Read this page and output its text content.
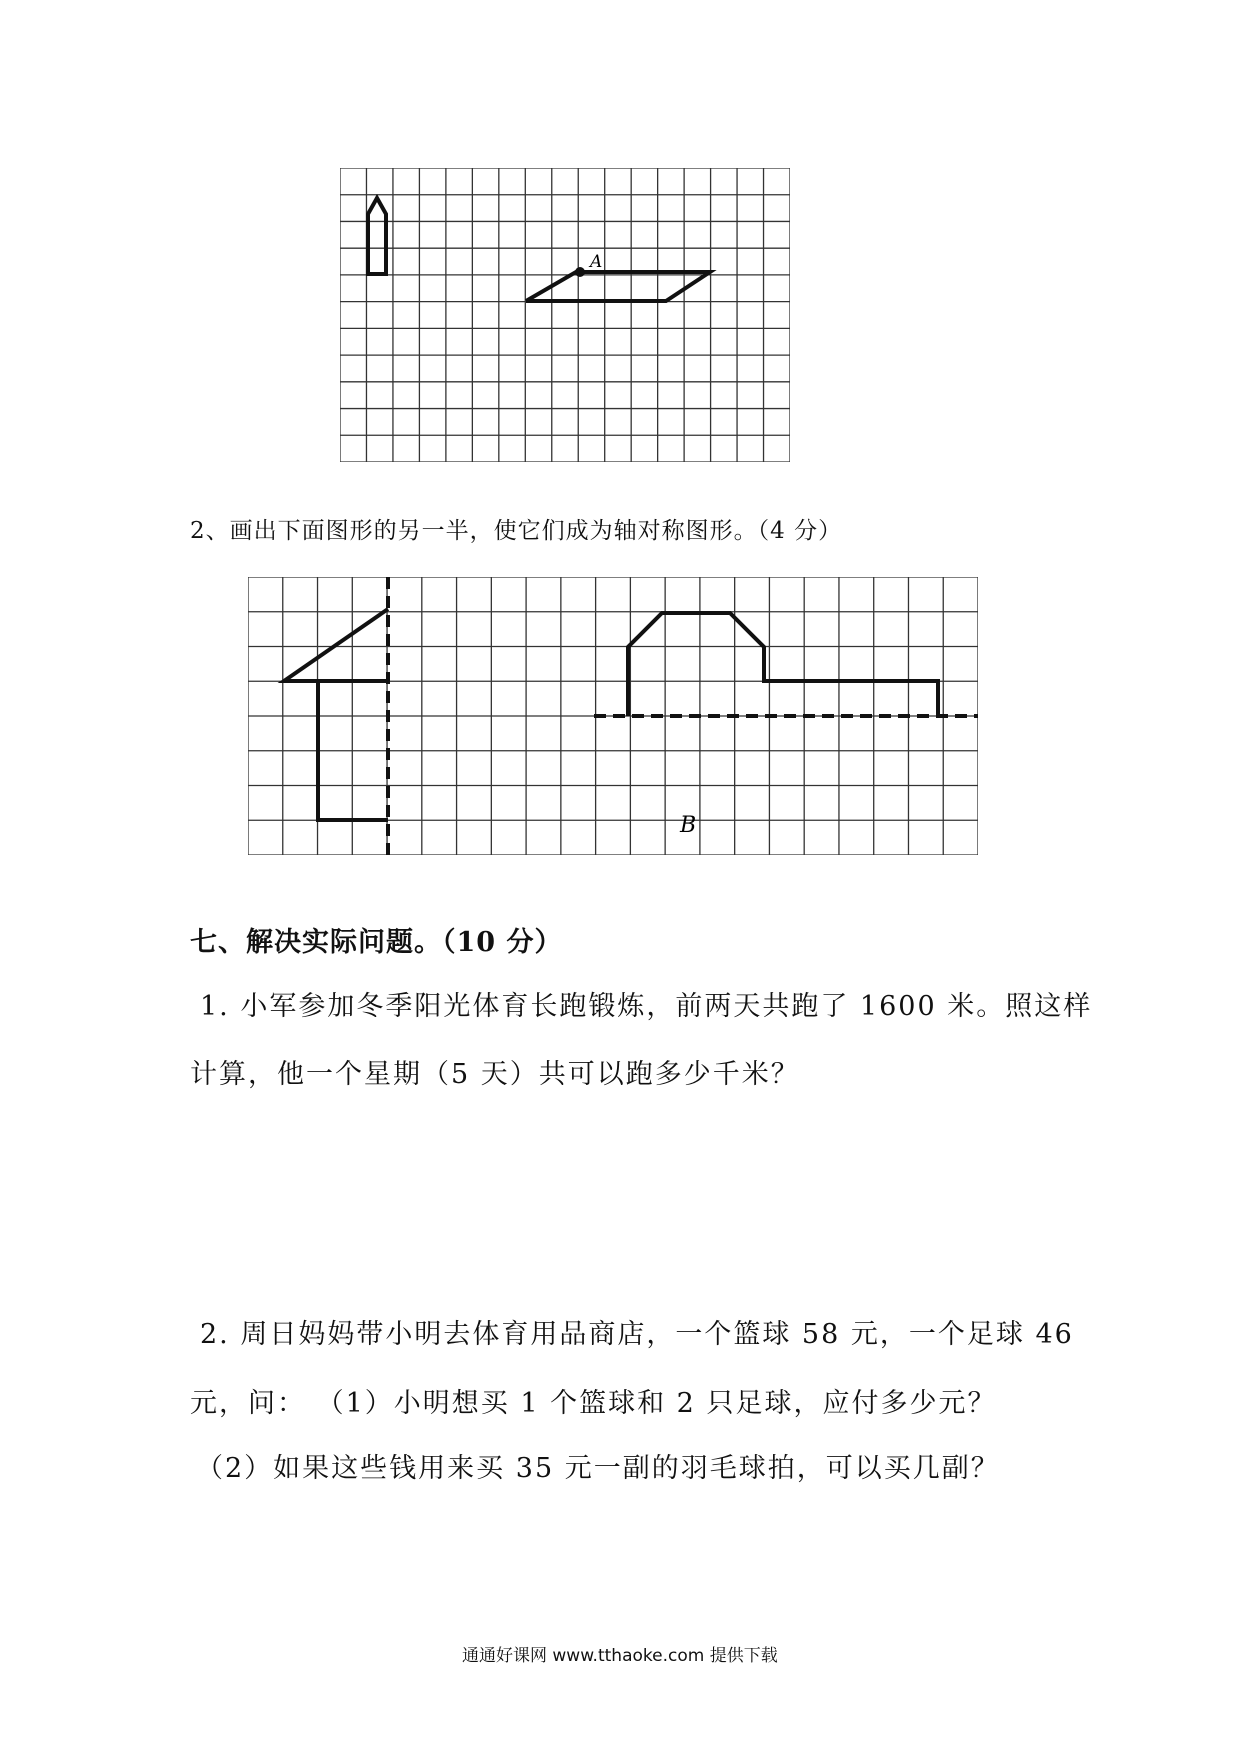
A
2、画出下面图形的另一半，使它们成为轴对称图形。（4 分）
B
七、解决实际问题。（10 分）
1. 小军参加冬季阳光体育长跑锻炼，前两天共跑了 1600 米。照这样
计算，他一个星期（5 天）共可以跑多少千米？
2. 周日妈妈带小明去体育用品商店，一个篮球 58 元，一个足球 46
元，问： （1）小明想买 1 个篮球和 2 只足球，应付多少元？
（2）如果这些钱用来买 35 元一副的羽毛球拍，可以买几副？
通通好课网 www.tthaoke.com 提供下载
